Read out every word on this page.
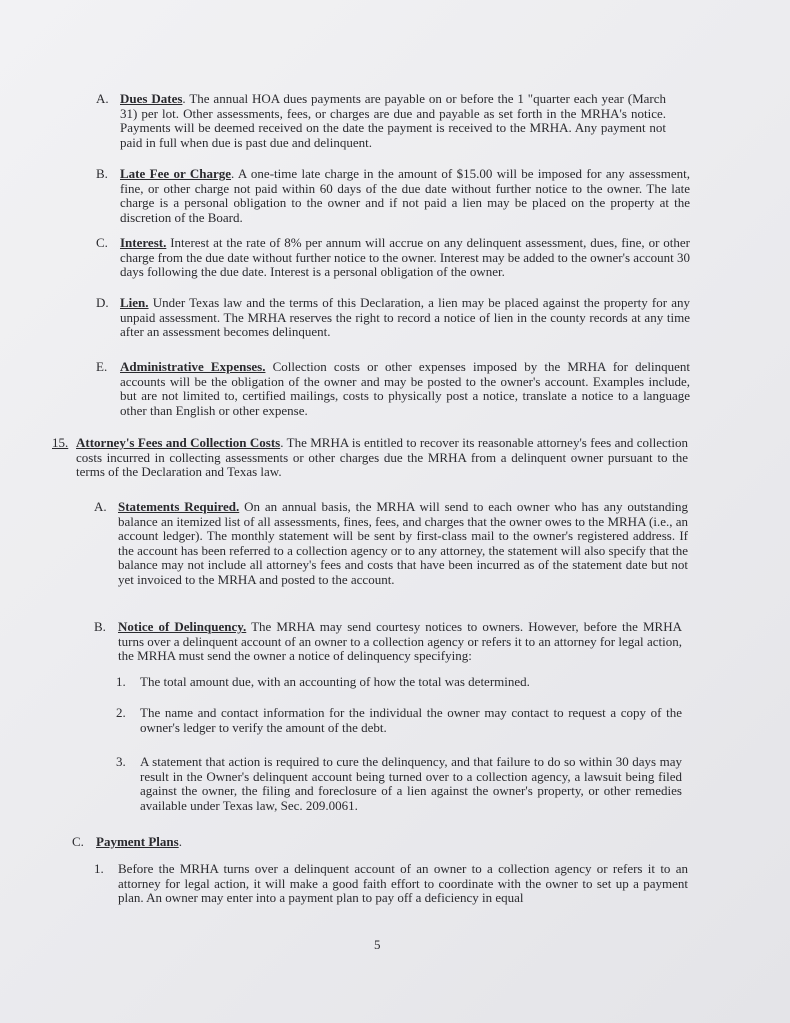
A. Dues Dates. The annual HOA dues payments are payable on or before the 1 "quarter each year (March 31) per lot. Other assessments, fees, or charges are due and payable as set forth in the MRHA's notice. Payments will be deemed received on the date the payment is received to the MRHA. Any payment not paid in full when due is past due and delinquent.
B. Late Fee or Charge. A one-time late charge in the amount of $15.00 will be imposed for any assessment, fine, or other charge not paid within 60 days of the due date without further notice to the owner. The late charge is a personal obligation to the owner and if not paid a lien may be placed on the property at the discretion of the Board.
C. Interest. Interest at the rate of 8% per annum will accrue on any delinquent assessment, dues, fine, or other charge from the due date without further notice to the owner. Interest may be added to the owner's account 30 days following the due date. Interest is a personal obligation of the owner.
D. Lien. Under Texas law and the terms of this Declaration, a lien may be placed against the property for any unpaid assessment. The MRHA reserves the right to record a notice of lien in the county records at any time after an assessment becomes delinquent.
E. Administrative Expenses. Collection costs or other expenses imposed by the MRHA for delinquent accounts will be the obligation of the owner and may be posted to the owner's account. Examples include, but are not limited to, certified mailings, costs to physically post a notice, translate a notice to a language other than English or other expense.
15. Attorney's Fees and Collection Costs. The MRHA is entitled to recover its reasonable attorney's fees and collection costs incurred in collecting assessments or other charges due the MRHA from a delinquent owner pursuant to the terms of the Declaration and Texas law.
A. Statements Required. On an annual basis, the MRHA will send to each owner who has any outstanding balance an itemized list of all assessments, fines, fees, and charges that the owner owes to the MRHA (i.e., an account ledger). The monthly statement will be sent by first-class mail to the owner's registered address. If the account has been referred to a collection agency or to any attorney, the statement will also specify that the balance may not include all attorney's fees and costs that have been incurred as of the statement date but not yet invoiced to the MRHA and posted to the account.
B. Notice of Delinquency. The MRHA may send courtesy notices to owners. However, before the MRHA turns over a delinquent account of an owner to a collection agency or refers it to an attorney for legal action, the MRHA must send the owner a notice of delinquency specifying:
1. The total amount due, with an accounting of how the total was determined.
2. The name and contact information for the individual the owner may contact to request a copy of the owner's ledger to verify the amount of the debt.
3. A statement that action is required to cure the delinquency, and that failure to do so within 30 days may result in the Owner's delinquent account being turned over to a collection agency, a lawsuit being filed against the owner, the filing and foreclosure of a lien against the owner's property, or other remedies available under Texas law, Sec. 209.0061.
C. Payment Plans.
1. Before the MRHA turns over a delinquent account of an owner to a collection agency or refers it to an attorney for legal action, it will make a good faith effort to coordinate with the owner to set up a payment plan. An owner may enter into a payment plan to pay off a deficiency in equal
5
